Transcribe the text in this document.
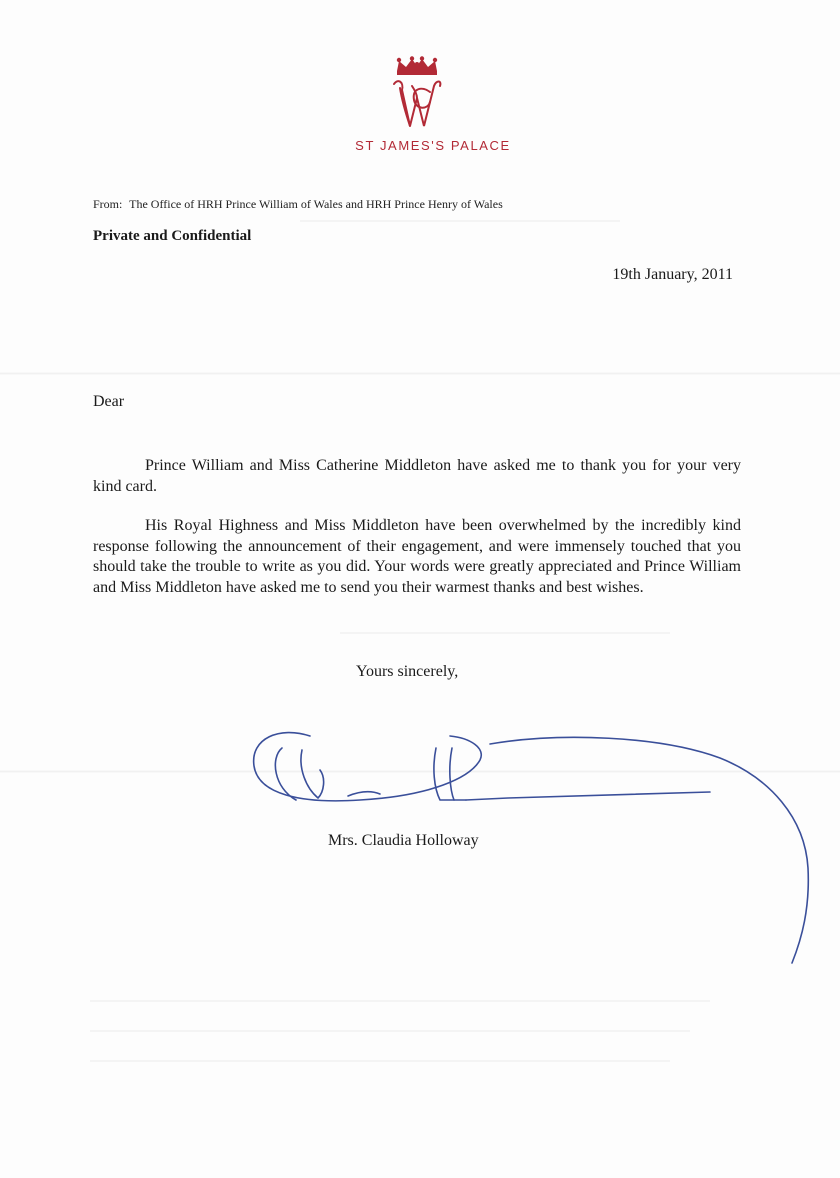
ST JAMES'S PALACE
From: The Office of HRH Prince William of Wales and HRH Prince Henry of Wales
Private and Confidential
19th January, 2011
Dear
Prince William and Miss Catherine Middleton have asked me to thank you for your very kind card.
His Royal Highness and Miss Middleton have been overwhelmed by the incredibly kind response following the announcement of their engagement, and were immensely touched that you should take the trouble to write as you did. Your words were greatly appreciated and Prince William and Miss Middleton have asked me to send you their warmest thanks and best wishes.
Yours sincerely,
Mrs. Claudia Holloway
